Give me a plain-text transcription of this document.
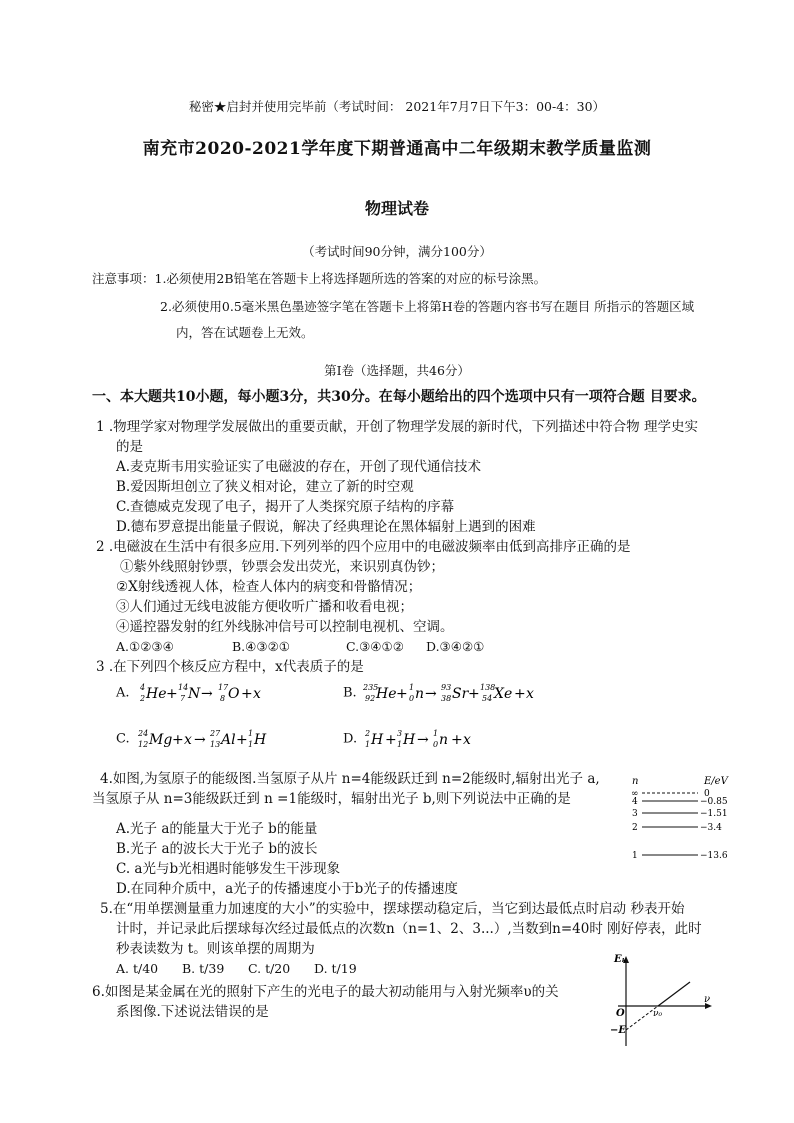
秘密★启封并使用完毕前（考试时间： 2021年7月7日下午3：00-4：30）
南充市2020-2021学年度下期普通高中二年级期末教学质量监测
物理试卷
（考试时间90分钟，满分100分）
注意事项：1.必须使用2B铅笔在答题卡上将选择题所选的答案的对应的标号涂黑。
2.必须使用0.5毫米黑色墨迹签字笔在答题卡上将第H卷的答题内容书写在题目 所指示的答题区域
内，答在试题卷上无效。
第Ⅰ卷（选择题，共46分）
一、本大题共10小题，每小题3分，共30分。在每小题给出的四个选项中只有一项符合题 目要求。
1 .物理学家对物理学发展做出的重要贡献，开创了物理学发展的新时代，下列描述中符合物 理学史实
的是
A.麦克斯韦用实验证实了电磁波的存在，开创了现代通信技术
B.爱因斯坦创立了狭义相对论，建立了新的时空观
C.查德威克发现了电子，揭开了人类探究原子结构的序幕
D.德布罗意提出能量子假说，解决了经典理论在黑体辐射上遇到的困难
2 .电磁波在生活中有很多应用.下列列举的四个应用中的电磁波频率由低到高排序正确的是
①紫外线照射钞票，钞票会发出荧光，来识别真伪钞；
②X射线透视人体，检查人体内的病变和骨骼情况；
③人们通过无线电波能方便收听广播和收看电视；
④遥控器发射的红外线脉冲信号可以控制电视机、空调。
A.①②③④	B.④③②①	C.③④①② D.③④②①
3 .在下列四个核反应方程中，x代表质子的是
A. 4
2 He + 14
7 N → 17
8 O + x	B. 235
92 He + 1
0 n → 93
38 Sr + 138
54 Xe + x
C. 24
12 Mg + x → 27
13 Al + 1
1 H	D. 2
1 H + 3
1 H → 1
0 n + x
4.如图,为氢原子的能级图.当氢原子从片 n=4能级跃迁到 n=2能级时,辐射出光子 a,
当氢原子从 n=3能级跃迁到 n =1能级时，辐射出光子 b,则下列说法中正确的是
A.光子 a的能量大于光子 b的能量
B.光子 a的波长大于光子 b的波长
C. a光与b光相遇时能够发生干涉现象
D.在同种介质中，a光子的传播速度小于b光子的传播速度
n	E/eV
∞	0
4	−0.85
3	−1.51
2	−3.4
1	−13.6
5.在“用单摆测量重力加速度的大小”的实验中，摆球摆动稳定后，当它到达最低点时启动 秒表开始
计时，并记录此后摆球每次经过最低点的次数n（n=1、2、3...）,当数到n=40时 刚好停表，此时
秒表读数为 t。则该单摆的周期为
A. t/40 B. t/39 C. t/20 D. t/19
6.如图是某金属在光的照射下产生的光电子的最大初动能用与入射光频率υ的关
系图像.下述说法错误的是
Eₖ
ν
O	ν₀
−E
